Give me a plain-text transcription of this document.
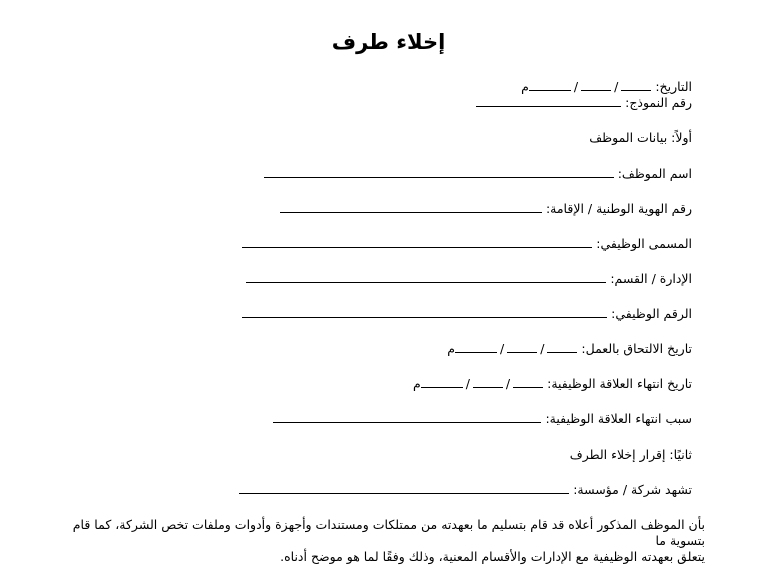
إخلاء طرف
التاريخ: //م
رقم النموذج:
أولاً: بيانات الموظف
اسم الموظف:
رقم الهوية الوطنية / الإقامة:
المسمى الوظيفي:
الإدارة / القسم:
الرقم الوظيفي:
تاريخ الالتحاق بالعمل: //م
تاريخ انتهاء العلاقة الوظيفية: //م
سبب انتهاء العلاقة الوظيفية:
ثانيًا: إقرار إخلاء الطرف
تشهد شركة / مؤسسة:
بأن الموظف المذكور أعلاه قد قام بتسليم ما بعهدته من ممتلكات ومستندات وأجهزة وأدوات وملفات تخص الشركة، كما قام بتسوية ما
يتعلق بعهدته الوظيفية مع الإدارات والأقسام المعنية، وذلك وفقًا لما هو موضح أدناه.
